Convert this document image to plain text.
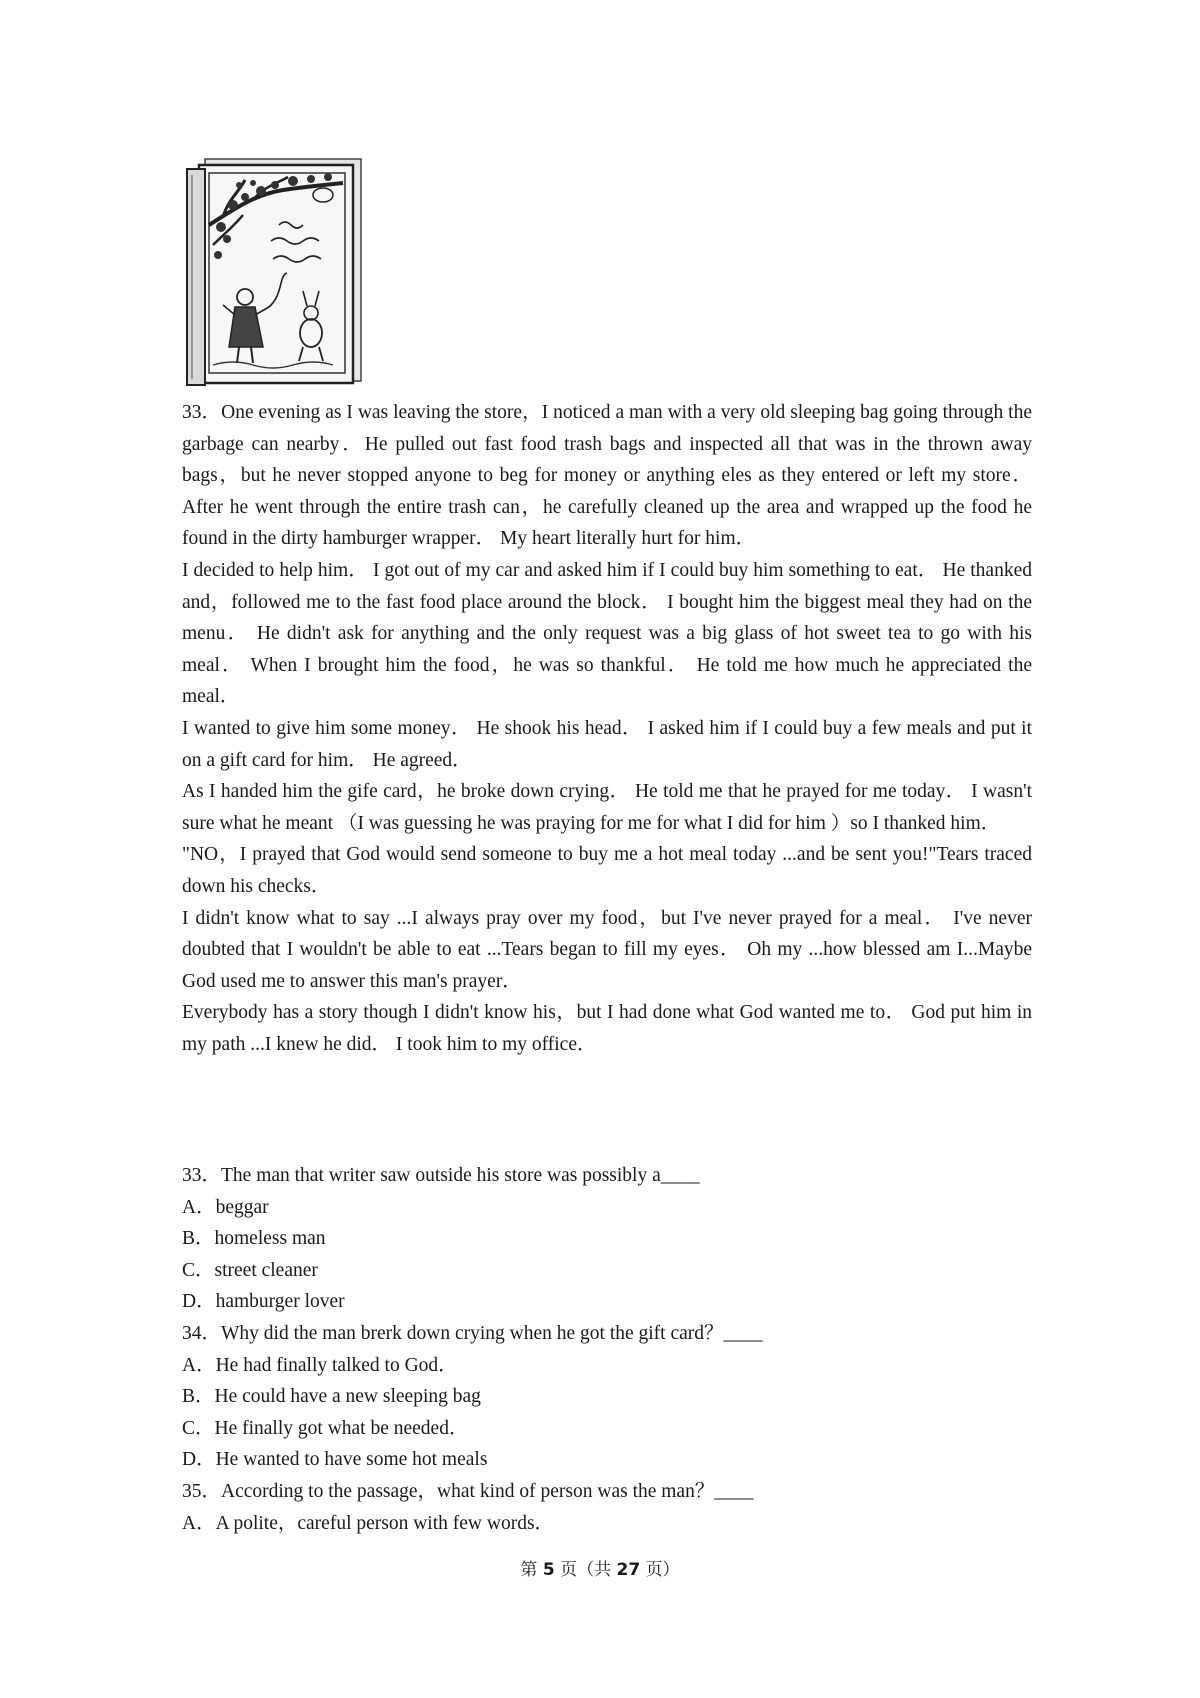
33．One evening as I was leaving the store，I noticed a man with a very old sleeping bag going through the garbage can nearby．He pulled out fast food trash bags and inspected all that was in the thrown away bags，but he never stopped anyone to beg for money or anything eles as they entered or left my store． After he went through the entire trash can，he carefully cleaned up the area and wrapped up the food he found in the dirty hamburger wrapper． My heart literally hurt for him．

I decided to help him． I got out of my car and asked him if I could buy him something to eat． He thanked and，followed me to the fast food place around the block． I bought him the biggest meal they had on the menu． He didn't ask for anything and the only request was a big glass of hot sweet tea to go with his meal． When I brought him the food，he was so thankful． He told me how much he appreciated the meal．

I wanted to give him some money． He shook his head． I asked him if I could buy a few meals and put it on a gift card for him． He agreed．

As I handed him the gife card，he broke down crying． He told me that he prayed for me today． I wasn't sure what he meant （I was guessing he was praying for me for what I did for him ）so I thanked him．

"NO，I prayed that God would send someone to buy me a hot meal today ...and be sent you!"Tears traced down his checks．

I didn't know what to say ...I always pray over my food，but I've never prayed for a meal． I've never doubted that I wouldn't be able to eat ...Tears began to fill my eyes． Oh my ...how blessed am I...Maybe God used me to answer this man's prayer．

Everybody has a story though I didn't know his，but I had done what God wanted me to． God put him in my path ...I knew he did． I took him to my office．

33．The man that writer saw outside his store was possibly a____

A．beggar

B．homeless man

C．street cleaner

D．hamburger lover

34．Why did the man brerk down crying when he got the gift card？____

A．He had finally talked to God．

B．He could have a new sleeping bag

C．He finally got what be needed．

D．He wanted to have some hot meals

35．According to the passage，what kind of person was the man？____

A．A polite，careful person with few words．

第 5 页（共 27 页）
